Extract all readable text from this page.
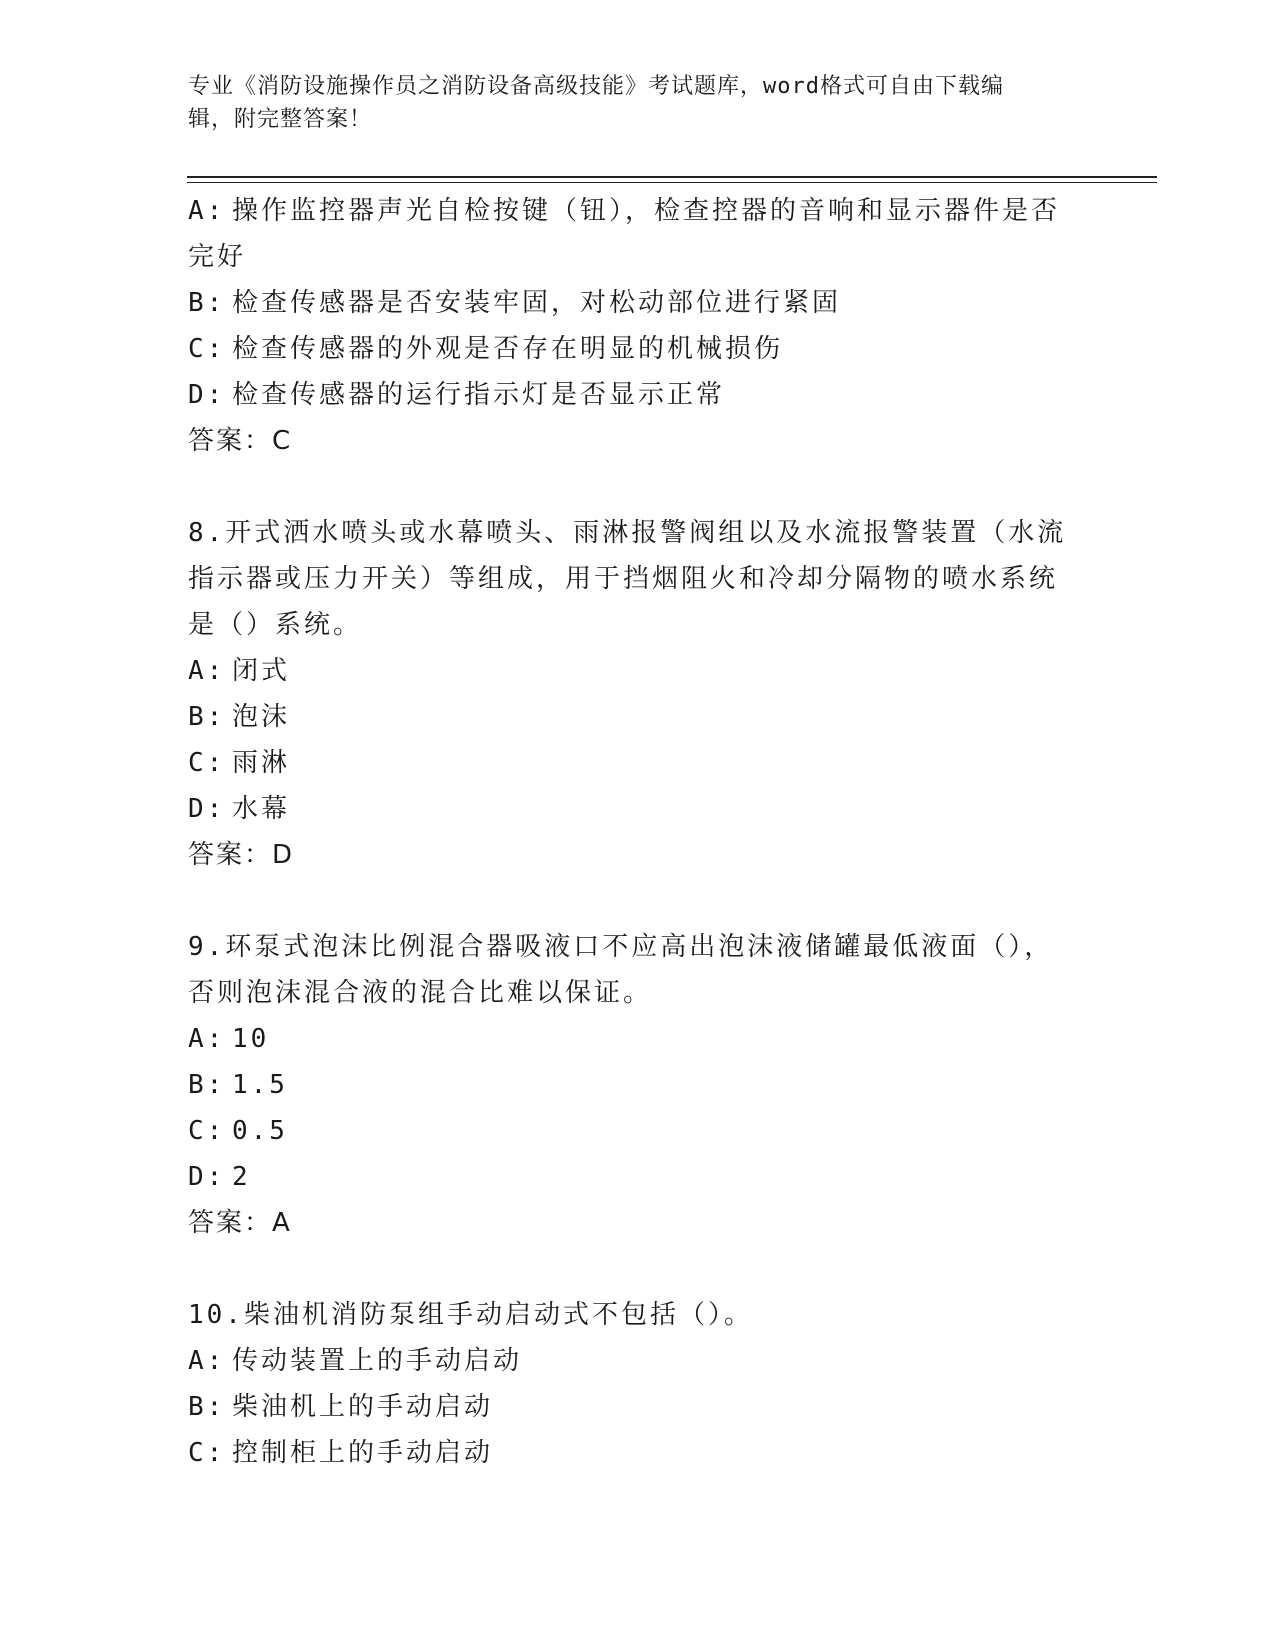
专业《消防设施操作员之消防设备高级技能》考试题库，word格式可自由下载编
辑，附完整答案！
A: 操作监控器声光自检按键（钮），检查控器的音响和显示器件是否
完好
B: 检查传感器是否安装牢固，对松动部位进行紧固
C: 检查传感器的外观是否存在明显的机械损伤
D: 检查传感器的运行指示灯是否显示正常
答案：C
8.开式洒水喷头或水幕喷头、雨淋报警阀组以及水流报警装置（水流
指示器或压力开关）等组成，用于挡烟阻火和冷却分隔物的喷水系统
是（）系统。
A: 闭式
B: 泡沫
C: 雨淋
D: 水幕
答案：D
9.环泵式泡沫比例混合器吸液口不应高出泡沫液储罐最低液面（），
否则泡沫混合液的混合比难以保证。
A: 10
B: 1.5
C: 0.5
D: 2
答案：A
10.柴油机消防泵组手动启动式不包括（）。
A: 传动装置上的手动启动
B: 柴油机上的手动启动
C: 控制柜上的手动启动
